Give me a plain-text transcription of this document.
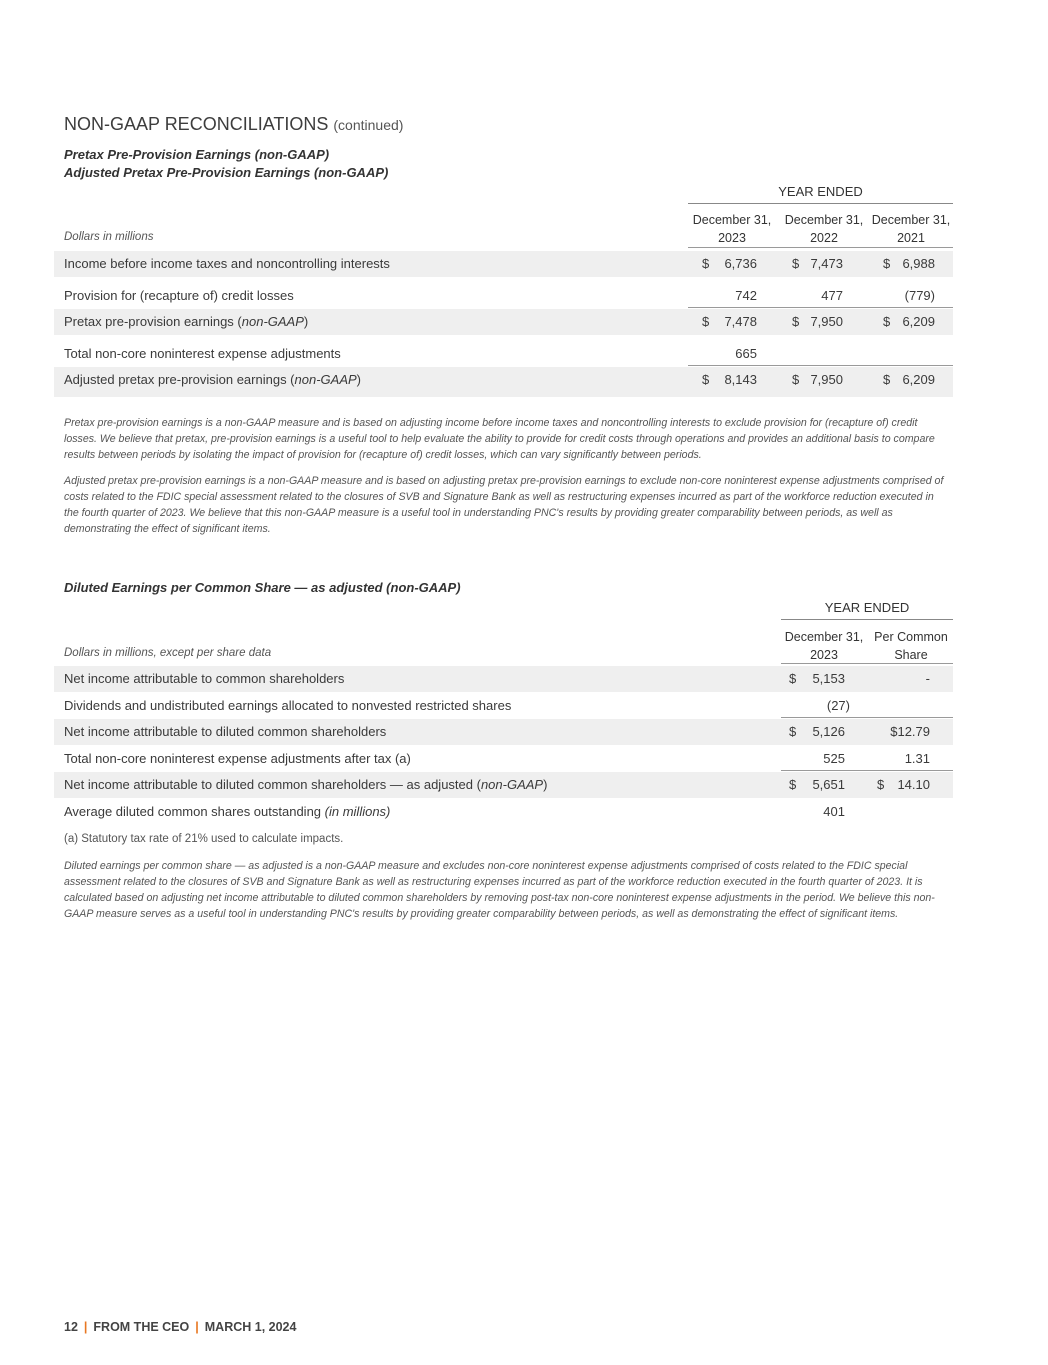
NON-GAAP RECONCILIATIONS (continued)
Pretax Pre-Provision Earnings (non-GAAP)
Adjusted Pretax Pre-Provision Earnings (non-GAAP)
YEAR ENDED
December 31,
2023
December 31,
2022
December 31,
2021
Dollars in millions
Income before income taxes and noncontrolling interests	$ 6,736	$ 7,473	$ 6,988
Provision for (recapture of) credit losses	742	477	(779)
Pretax pre-provision earnings (non-GAAP)	$ 7,478	$ 7,950	$ 6,209
Total non-core noninterest expense adjustments	665
Adjusted pretax pre-provision earnings (non-GAAP)	$ 8,143	$ 7,950	$ 6,209
Pretax pre-provision earnings is a non-GAAP measure and is based on adjusting income before income taxes and noncontrolling interests to exclude provision for (recapture of) credit losses. We believe that pretax, pre-provision earnings is a useful tool to help evaluate the ability to provide for credit costs through operations and provides an additional basis to compare results between periods by isolating the impact of provision for (recapture of) credit losses, which can vary significantly between periods.
Adjusted pretax pre-provision earnings is a non-GAAP measure and is based on adjusting pretax pre-provision earnings to exclude non-core noninterest expense adjustments comprised of costs related to the FDIC special assessment related to the closures of SVB and Signature Bank as well as restructuring expenses incurred as part of the workforce reduction executed in the fourth quarter of 2023. We believe that this non-GAAP measure is a useful tool in understanding PNC's results by providing greater comparability between periods, as well as demonstrating the effect of significant items.
Diluted Earnings per Common Share — as adjusted (non-GAAP)
YEAR ENDED
December 31,
2023
Per Common
Share
Dollars in millions, except per share data
Net income attributable to common shareholders	$ 5,153	-
Dividends and undistributed earnings allocated to nonvested restricted shares	(27)
Net income attributable to diluted common shareholders	$ 5,126	$12.79
Total non-core noninterest expense adjustments after tax (a)	525	1.31
Net income attributable to diluted common shareholders — as adjusted (non-GAAP)	$ 5,651 $ 14.10
Average diluted common shares outstanding (in millions)	401
(a) Statutory tax rate of 21% used to calculate impacts.
Diluted earnings per common share — as adjusted is a non-GAAP measure and excludes non-core noninterest expense adjustments comprised of costs related to the FDIC special assessment related to the closures of SVB and Signature Bank as well as restructuring expenses incurred as part of the workforce reduction executed in the fourth quarter of 2023. It is calculated based on adjusting net income attributable to diluted common shareholders by removing post-tax non-core noninterest expense adjustments in the period. We believe this non-GAAP measure serves as a useful tool in understanding PNC's results by providing greater comparability between periods, as well as demonstrating the effect of significant items.
12 | FROM THE CEO | MARCH 1, 2024
